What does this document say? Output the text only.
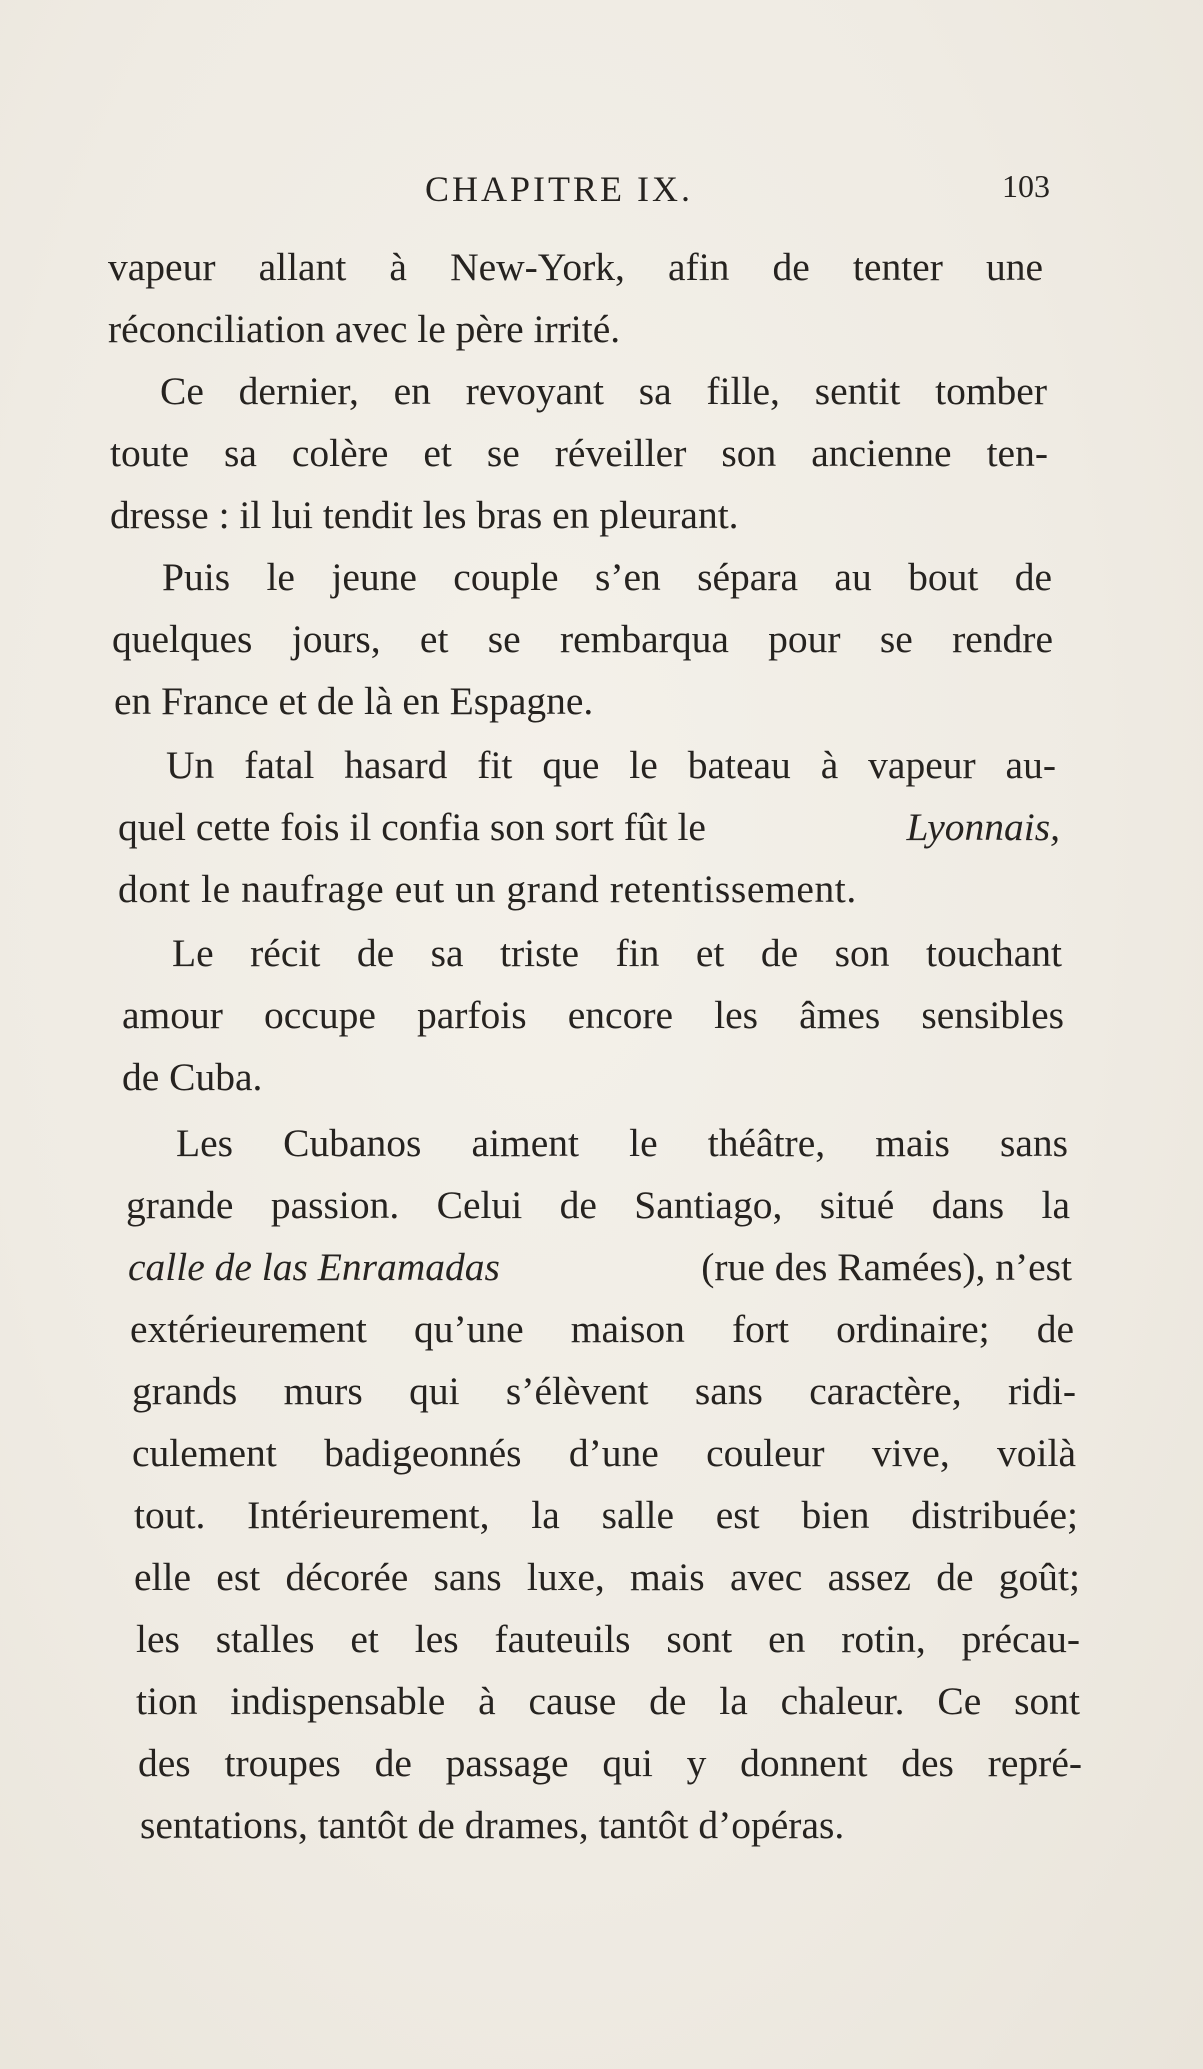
CHAPITRE IX.	103
vapeur allant à New-York, afin de tenter une
réconciliation avec le père irrité.
Ce dernier, en revoyant sa fille, sentit tomber
toute sa colère et se réveiller son ancienne ten-
dresse : il lui tendit les bras en pleurant.
Puis le jeune couple s’en sépara au bout de
quelques jours, et se rembarqua pour se rendre
en France et de là en Espagne.
Un fatal hasard fit que le bateau à vapeur au-
quel cette fois il confia son sort fût le	Lyonnais,
dont le naufrage eut un grand retentissement.
Le récit de sa triste fin et de son touchant
amour occupe parfois encore les âmes sensibles
de Cuba.
Les Cubanos aiment le théâtre, mais sans
grande passion. Celui de Santiago, situé dans la
calle de las Enramadas	(rue des Ramées), n’est
extérieurement qu’une maison fort ordinaire; de
grands murs qui s’élèvent sans caractère, ridi-
culement badigeonnés d’une couleur vive, voilà
tout. Intérieurement, la salle est bien distribuée;
elle est décorée sans luxe, mais avec assez de goût;
les stalles et les fauteuils sont en rotin, précau-
tion indispensable à cause de la chaleur. Ce sont
des troupes de passage qui y donnent des repré-
sentations, tantôt de drames, tantôt d’opéras.
